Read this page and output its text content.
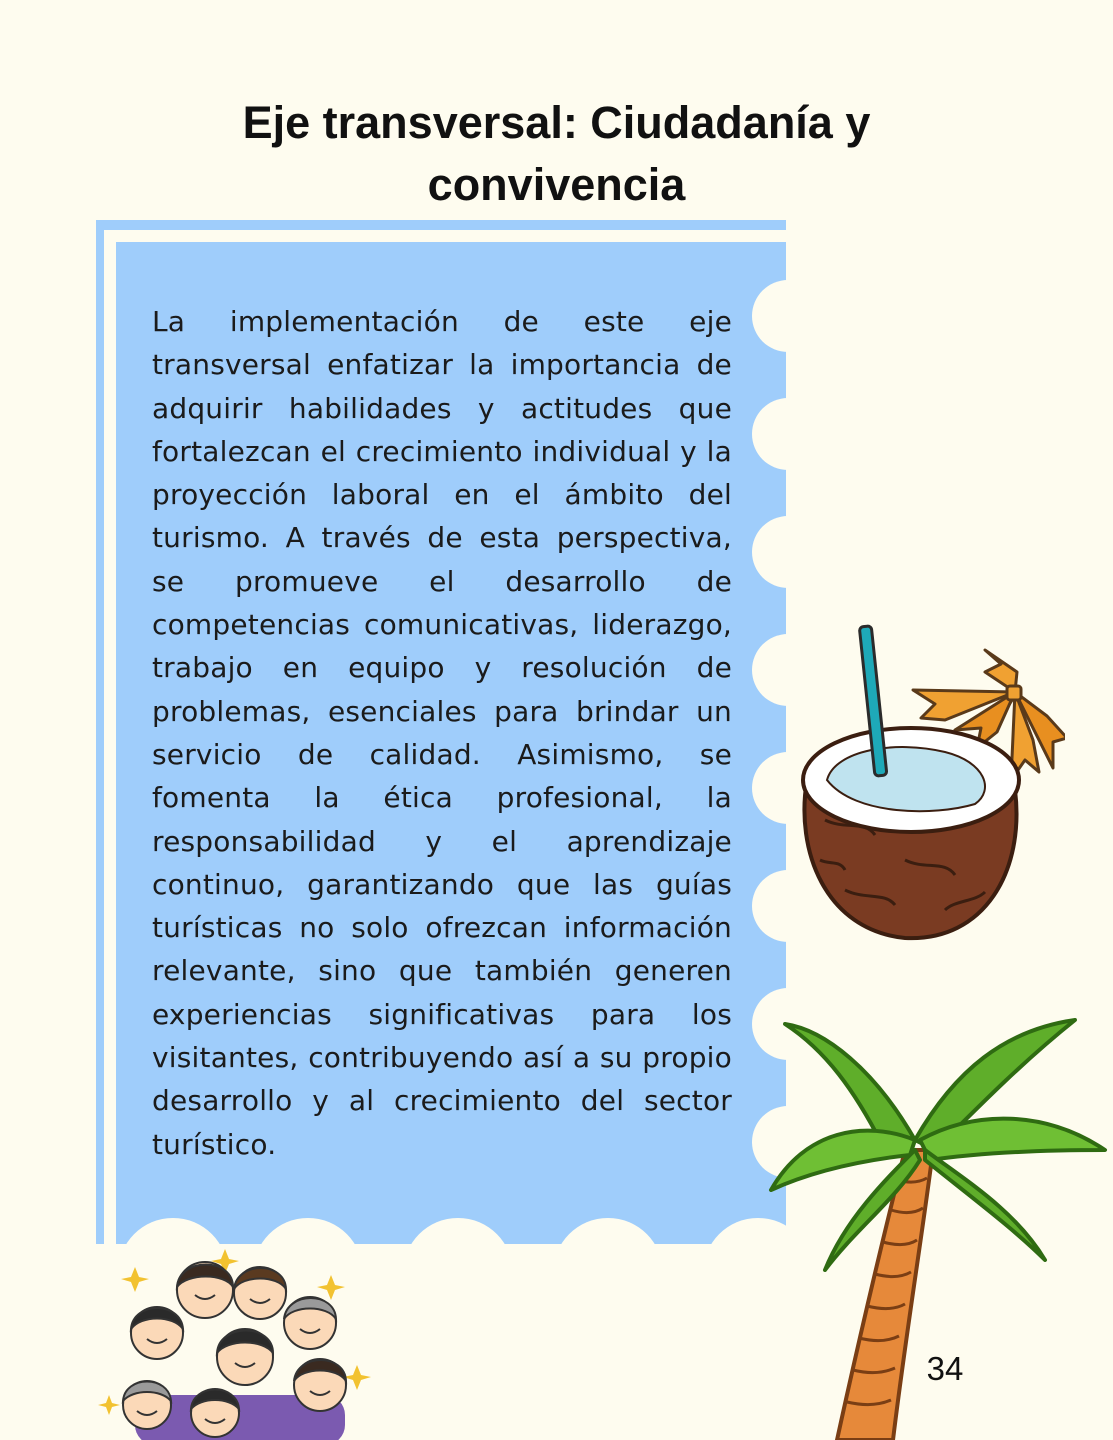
Eje transversal: Ciudadanía y convivencia

La implementación de este eje transversal enfatizar la importancia de adquirir habilidades y actitudes que fortalezcan el crecimiento individual y la proyección laboral en el ámbito del turismo. A través de esta perspectiva, se promueve el desarrollo de competencias comunicativas, liderazgo, trabajo en equipo y resolución de problemas, esenciales para brindar un servicio de calidad. Asimismo, se fomenta la ética profesional, la responsabilidad y el aprendizaje continuo, garantizando que las guías turísticas no solo ofrezcan información relevante, sino que también generen experiencias significativas para los visitantes, contribuyendo así a su propio desarrollo y al crecimiento del sector turístico.

34
